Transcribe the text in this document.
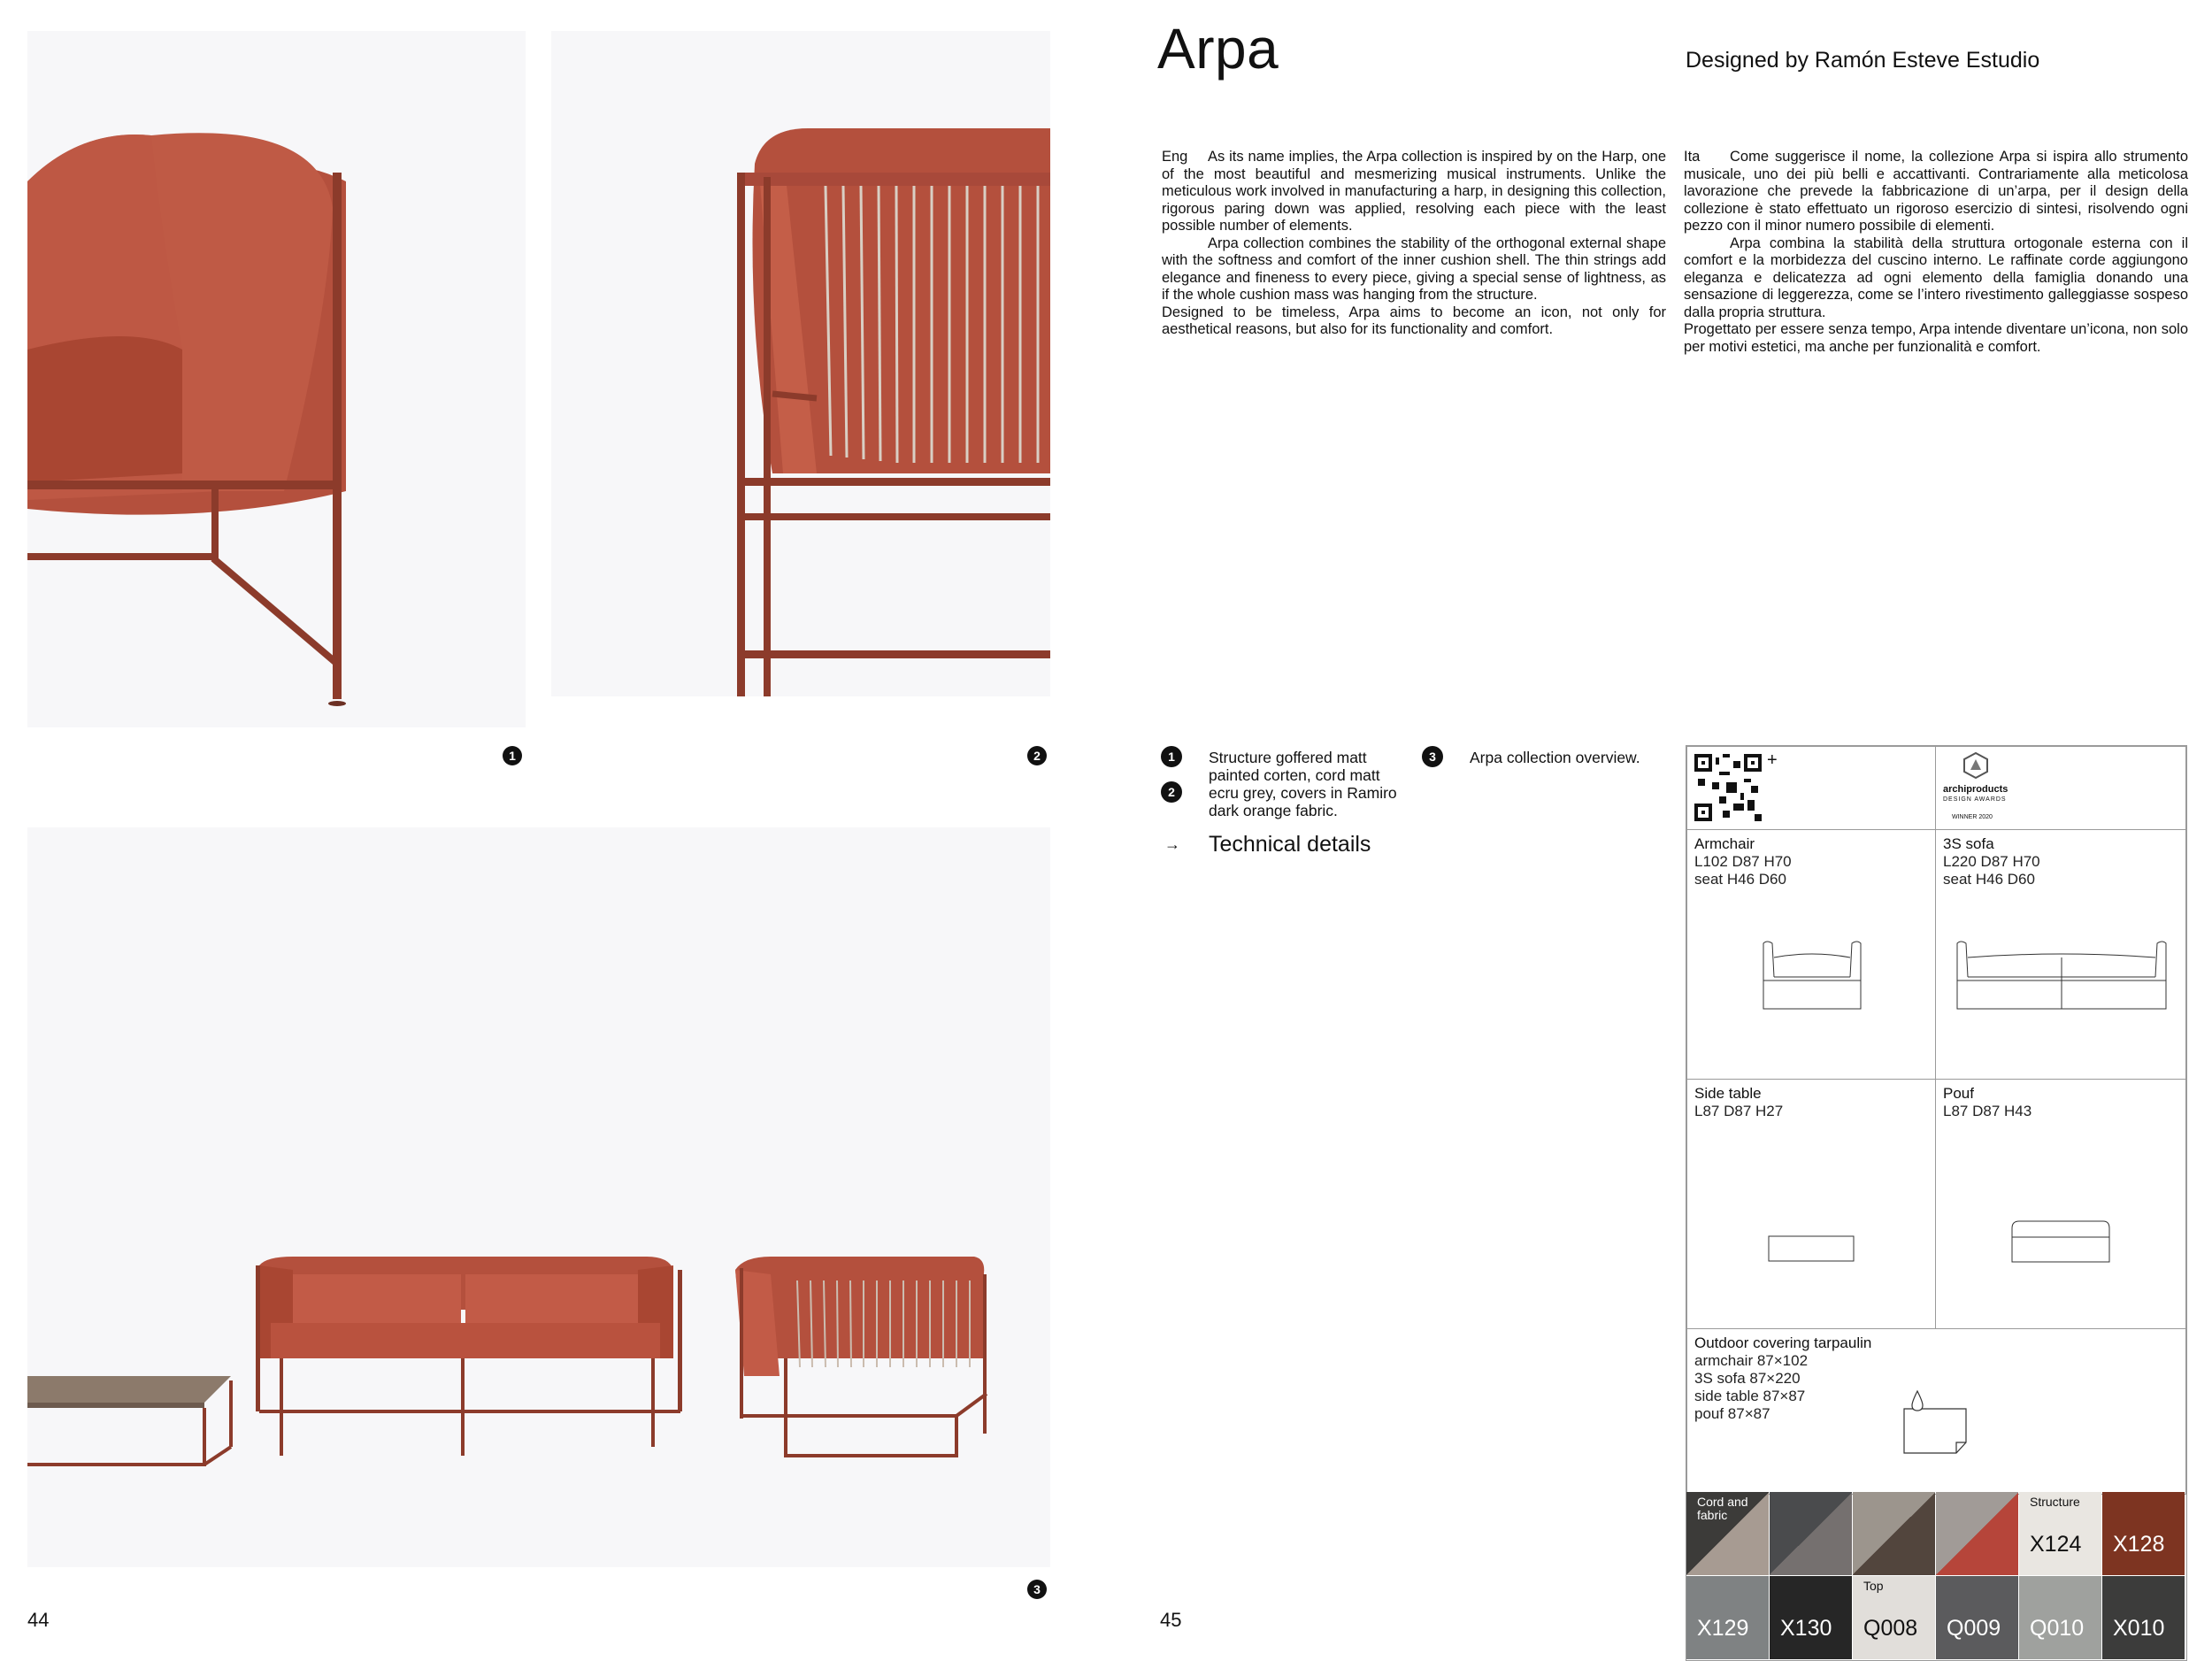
1	2
3
44	45
Arpa	Designed by Ramón Esteve Estudio

Eng As its name implies, the Arpa collection is inspired by on the Harp, one of the most beautiful and mesmerizing musical instruments. Unlike the meticulous work involved in manufacturing a harp, in designing this collection, rigorous paring down was applied, resolving each piece with the least possible number of elements.

Arpa collection combines the stability of the orthogonal external shape with the softness and comfort of the inner cushion shell. The thin strings add elegance and fineness to every piece, giving a special sense of lightness, as if the whole cushion mass was hanging from the structure.

Designed to be timeless, Arpa aims to become an icon, not only for aesthetical reasons, but also for its functionality and comfort.

Ita Come suggerisce il nome, la collezione Arpa si ispira allo strumento musicale, uno dei più belli e accattivanti. Contrariamente alla meticolosa lavorazione che prevede la fabbricazione di un’arpa, per il design della collezione è stato effettuato un rigoroso esercizio di sintesi, risolvendo ogni pezzo con il minor numero possibile di elementi.

Arpa combina la stabilità della struttura ortogonale esterna con il comfort e la morbidezza del cuscino interno. Le raffinate corde aggiungono eleganza e delicatezza ad ogni elemento della famiglia donando una sensazione di leggerezza, come se l’intero rivestimento galleggiasse sospeso dalla propria struttura.

Progettato per essere senza tempo, Arpa intende diventare un’icona, non solo per motivi estetici, ma anche per funzionalità e comfort.

1
2
Structure goffered matt painted corten, cord matt ecru grey, covers in Ramiro dark orange fabric.
3	Arpa collection overview.
→ Technical details
+
archiproducts
DESIGN AWARDS
WINNER 2020
Armchair
L102 D87 H70
seat H46 D60
3S sofa
L220 D87 H70
seat H46 D60
Side table
L87 D87 H27
Pouf
L87 D87 H43
Outdoor covering tarpaulin
armchair 87×102
3S sofa 87×220
side table 87×87
pouf 87×87
Structure
X124 X128
Cord and fabric
X129 X130
Top
Q008 Q009 Q010 X010
